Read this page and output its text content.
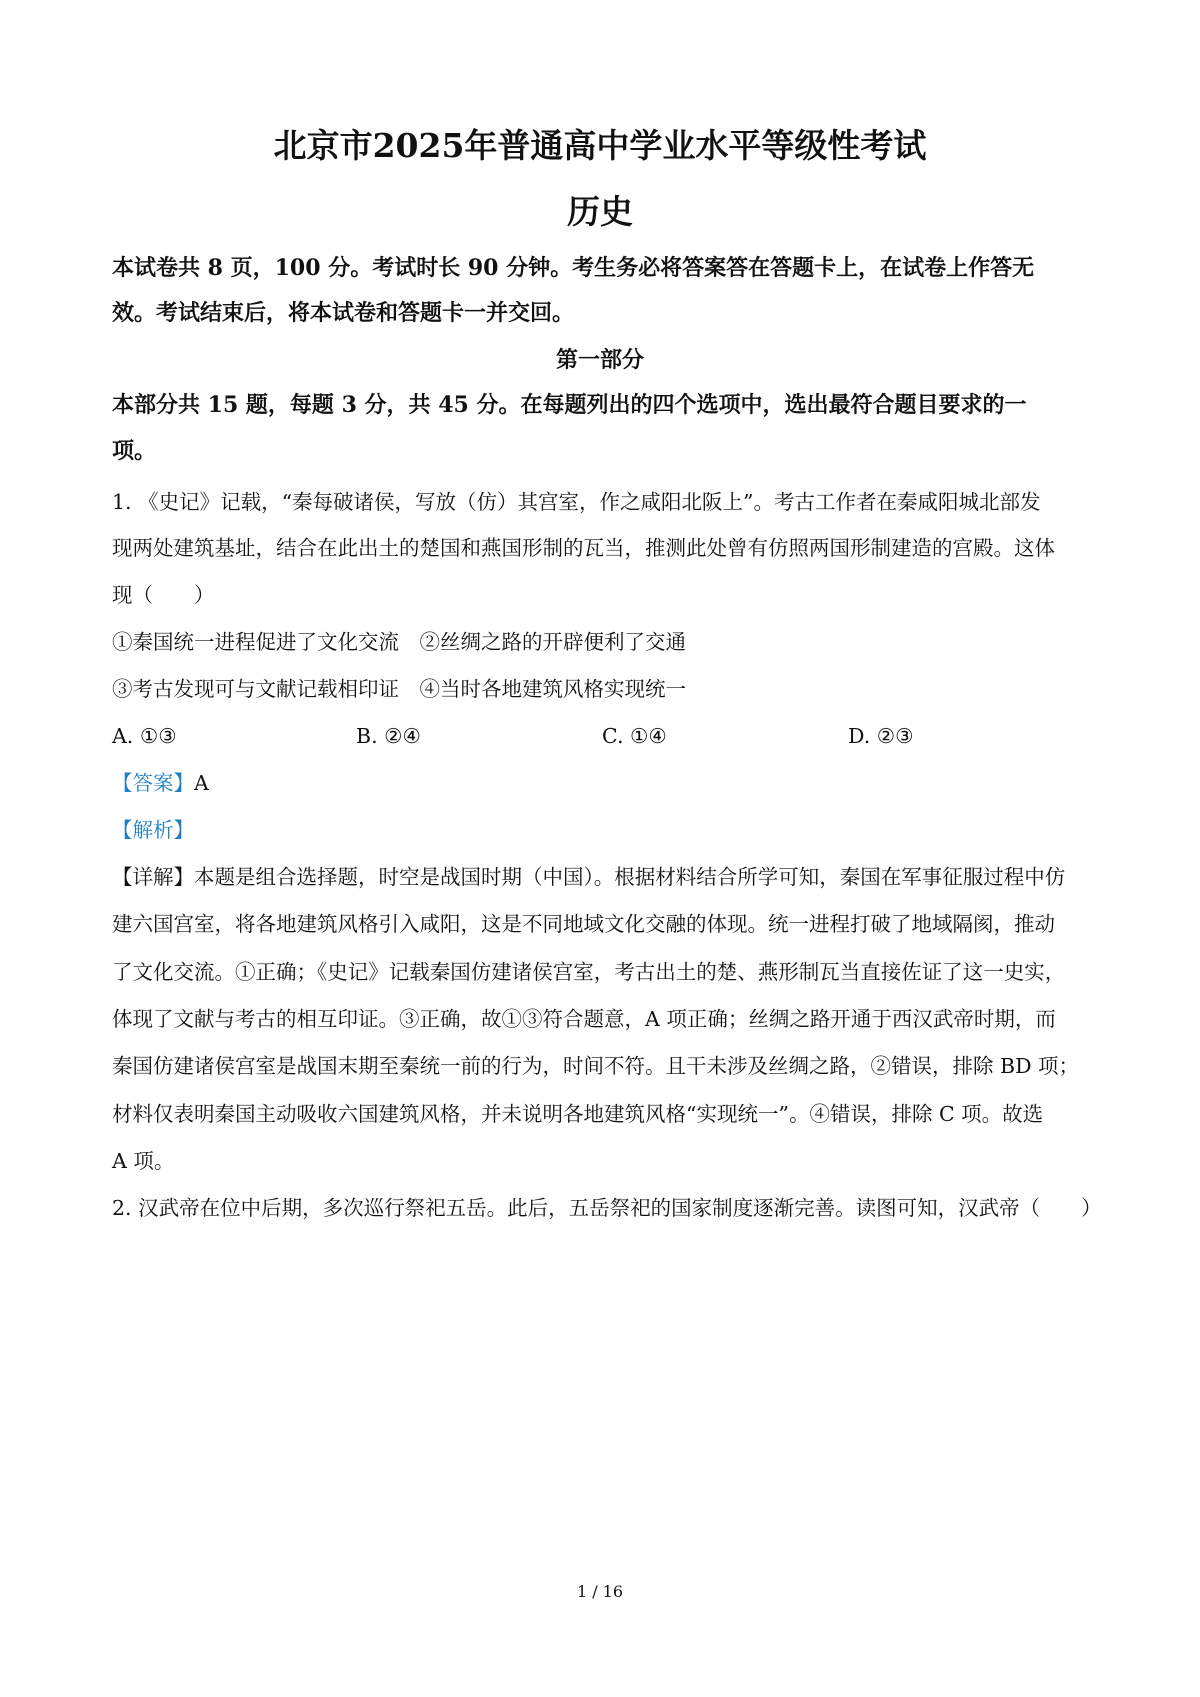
北京市2025年普通高中学业水平等级性考试
历史

本试卷共 8 页，100 分。考试时长 90 分钟。考生务必将答案答在答题卡上，在试卷上作答无

效。考试结束后，将本试卷和答题卡一并交回。

第一部分

本部分共 15 题，每题 3 分，共 45 分。在每题列出的四个选项中，选出最符合题目要求的一

项。

1. 《史记》记载，“秦每破诸侯，写放（仿）其宫室，作之咸阳北阪上”。考古工作者在秦咸阳城北部发

现两处建筑基址，结合在此出土的楚国和燕国形制的瓦当，推测此处曾有仿照两国形制建造的宫殿。这体

现（　　）

①秦国统一进程促进了文化交流　②丝绸之路的开辟便利了交通

③考古发现可与文献记载相印证　④当时各地建筑风格实现统一

A. ①③	B. ②④	C. ①④	D. ②③

【答案】A

【解析】

【详解】本题是组合选择题，时空是战国时期（中国）。根据材料结合所学可知，秦国在军事征服过程中仿

建六国宫室，将各地建筑风格引入咸阳，这是不同地域文化交融的体现。统一进程打破了地域隔阂，推动

了文化交流。①正确；《史记》记载秦国仿建诸侯宫室，考古出土的楚、燕形制瓦当直接佐证了这一史实，

体现了文献与考古的相互印证。③正确，故①③符合题意，A 项正确；丝绸之路开通于西汉武帝时期，而

秦国仿建诸侯宫室是战国末期至秦统一前的行为，时间不符。且干未涉及丝绸之路，②错误，排除 BD 项；

材料仅表明秦国主动吸收六国建筑风格，并未说明各地建筑风格“实现统一”。④错误，排除 C 项。故选

A 项。

2. 汉武帝在位中后期，多次巡行祭祀五岳。此后，五岳祭祀的国家制度逐渐完善。读图可知，汉武帝（　　）

1 / 16
